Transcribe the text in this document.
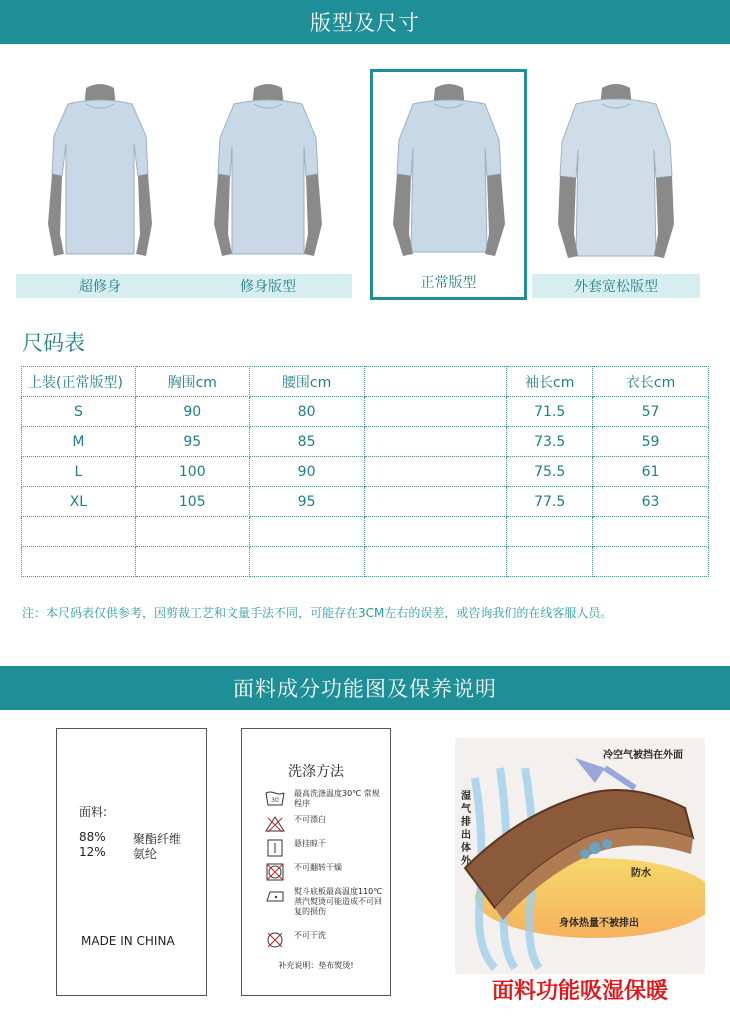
版型及尺寸
超修身	修身版型	正常版型	外套宽松版型
尺码表
上装(正常版型)	胸围cm	腰围cm		袖长cm	衣长cm
S	90	80		71.5	57
M	95	85		73.5	59
L	100	90		75.5	61
XL	105	95		77.5	63

注：本尺码表仅供参考，因剪裁工艺和文量手法不同，可能存在3CM左右的误差，或咨询我们的在线客服人员。
面料成分功能图及保养说明
面料:
88% 聚酯纤维
12% 氨纶
MADE IN CHINA
洗涤方法
30
最高洗涤温度30℃ 常规程序
不可漂白
悬挂晾干
不可翻转干燥
熨斗底板最高温度110℃蒸汽熨烫可能造成不可回复的损伤
不可干洗
补充说明：垫布熨烫!
冷空气被挡在外面
湿气排出体外
防水
身体热量不被排出
面料功能吸湿保暖
